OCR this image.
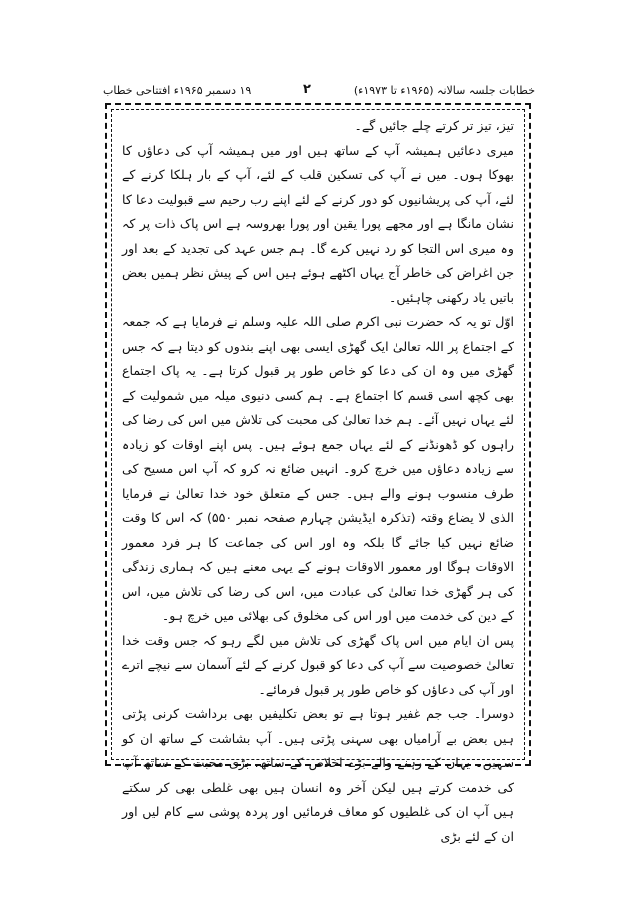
۱۹ دسمبر ۱۹۶۵ء افتتاحی خطاب	۲	خطابات جلسہ سالانہ (۱۹۶۵ء تا ۱۹۷۳ء)

تیز، تیز تر کرتے چلے جائیں گے۔

میری دعائیں ہمیشہ آپ کے ساتھ ہیں اور میں ہمیشہ آپ کی دعاؤں کا بھوکا ہوں۔ میں نے آپ کی تسکین قلب کے لئے، آپ کے بار ہلکا کرنے کے لئے، آپ کی پریشانیوں کو دور کرنے کے لئے اپنے رب رحیم سے قبولیت دعا کا نشان مانگا ہے اور مجھے پورا یقین اور پورا بھروسہ ہے اس پاک ذات پر کہ وہ میری اس التجا کو رد نہیں کرے گا۔ ہم جس عہد کی تجدید کے بعد اور جن اغراض کی خاطر آج یہاں اکٹھے ہوئے ہیں اس کے پیش نظر ہمیں بعض باتیں یاد رکھنی چاہئیں۔

اوّل تو یہ کہ حضرت نبی اکرم صلی اللہ علیہ وسلم نے فرمایا ہے کہ جمعہ کے اجتماع پر اللہ تعالیٰ ایک گھڑی ایسی بھی اپنے بندوں کو دیتا ہے کہ جس گھڑی میں وہ ان کی دعا کو خاص طور پر قبول کرتا ہے۔ یہ پاک اجتماع بھی کچھ اسی قسم کا اجتماع ہے۔ ہم کسی دنیوی میلہ میں شمولیت کے لئے یہاں نہیں آئے۔ ہم خدا تعالیٰ کی محبت کی تلاش میں اس کی رضا کی راہوں کو ڈھونڈنے کے لئے یہاں جمع ہوئے ہیں۔ پس اپنے اوقات کو زیادہ سے زیادہ دعاؤں میں خرچ کرو۔ انہیں ضائع نہ کرو کہ آپ اس مسیح کی طرف منسوب ہونے والے ہیں۔ جس کے متعلق خود خدا تعالیٰ نے فرمایا الذی لا یضاع وقتہ (تذکرہ ایڈیشن چہارم صفحہ نمبر ۵۵۰) کہ اس کا وقت ضائع نہیں کیا جائے گا بلکہ وہ اور اس کی جماعت کا ہر فرد معمور الاوقات ہوگا اور معمور الاوقات ہونے کے یہی معنے ہیں کہ ہماری زندگی کی ہر گھڑی خدا تعالیٰ کی عبادت میں، اس کی رضا کی تلاش میں، اس کے دین کی خدمت میں اور اس کی مخلوق کی بھلائی میں خرچ ہو۔

پس ان ایام میں اس پاک گھڑی کی تلاش میں لگے رہو کہ جس وقت خدا تعالیٰ خصوصیت سے آپ کی دعا کو قبول کرنے کے لئے آسمان سے نیچے اترے اور آپ کی دعاؤں کو خاص طور پر قبول فرمائے۔

دوسرا۔ جب جم غفیر ہوتا ہے تو بعض تکلیفیں بھی برداشت کرنی پڑتی ہیں بعض بے آرامیاں بھی سہنی پڑتی ہیں۔ آپ بشاشت کے ساتھ ان کو سہیں۔ یہاں کے رہنے والے بڑے اخلاص کے ساتھ، بڑی محبت کے ساتھ آپ کی خدمت کرتے ہیں لیکن آخر وہ انسان ہیں بھی غلطی بھی کر سکتے ہیں آپ ان کی غلطیوں کو معاف فرمائیں اور پردہ پوشی سے کام لیں اور ان کے لئے بڑی
